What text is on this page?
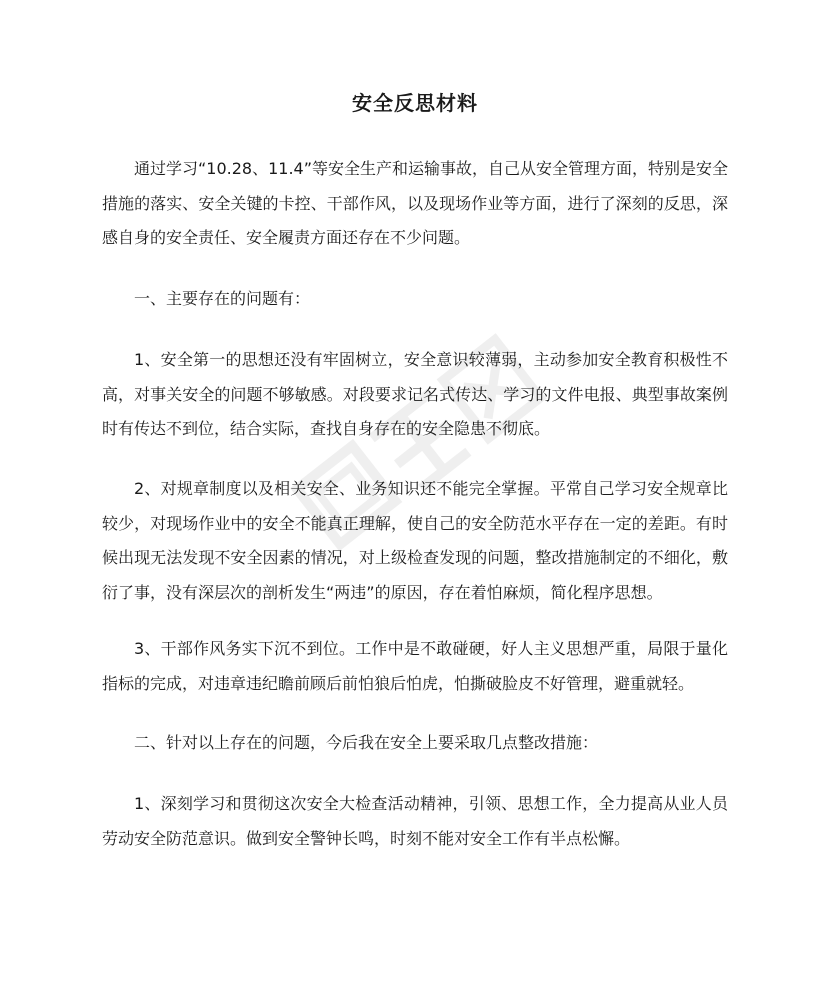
安全反思材料

通过学习“10.28、11.4”等安全生产和运输事故，自己从安全管理方面，特别是安全措施的落实、安全关键的卡控、干部作风，以及现场作业等方面，进行了深刻的反思，深感自身的安全责任、安全履责方面还存在不少问题。

一、主要存在的问题有：

1、安全第一的思想还没有牢固树立，安全意识较薄弱，主动参加安全教育积极性不高，对事关安全的问题不够敏感。对段要求记名式传达、学习的文件电报、典型事故案例时有传达不到位，结合实际，查找自身存在的安全隐患不彻底。

2、对规章制度以及相关安全、业务知识还不能完全掌握。平常自己学习安全规章比较少，对现场作业中的安全不能真正理解，使自己的安全防范水平存在一定的差距。有时候出现无法发现不安全因素的情况，对上级检查发现的问题，整改措施制定的不细化，敷衍了事，没有深层次的剖析发生“两违”的原因，存在着怕麻烦，简化程序思想。

3、干部作风务实下沉不到位。工作中是不敢碰硬，好人主义思想严重，局限于量化指标的完成，对违章违纪瞻前顾后前怕狼后怕虎，怕撕破脸皮不好管理，避重就轻。

二、针对以上存在的问题，今后我在安全上要采取几点整改措施：

1、深刻学习和贯彻这次安全大检查活动精神，引领、思想工作，全力提高从业人员劳动安全防范意识。做到安全警钟长鸣，时刻不能对安全工作有半点松懈。
